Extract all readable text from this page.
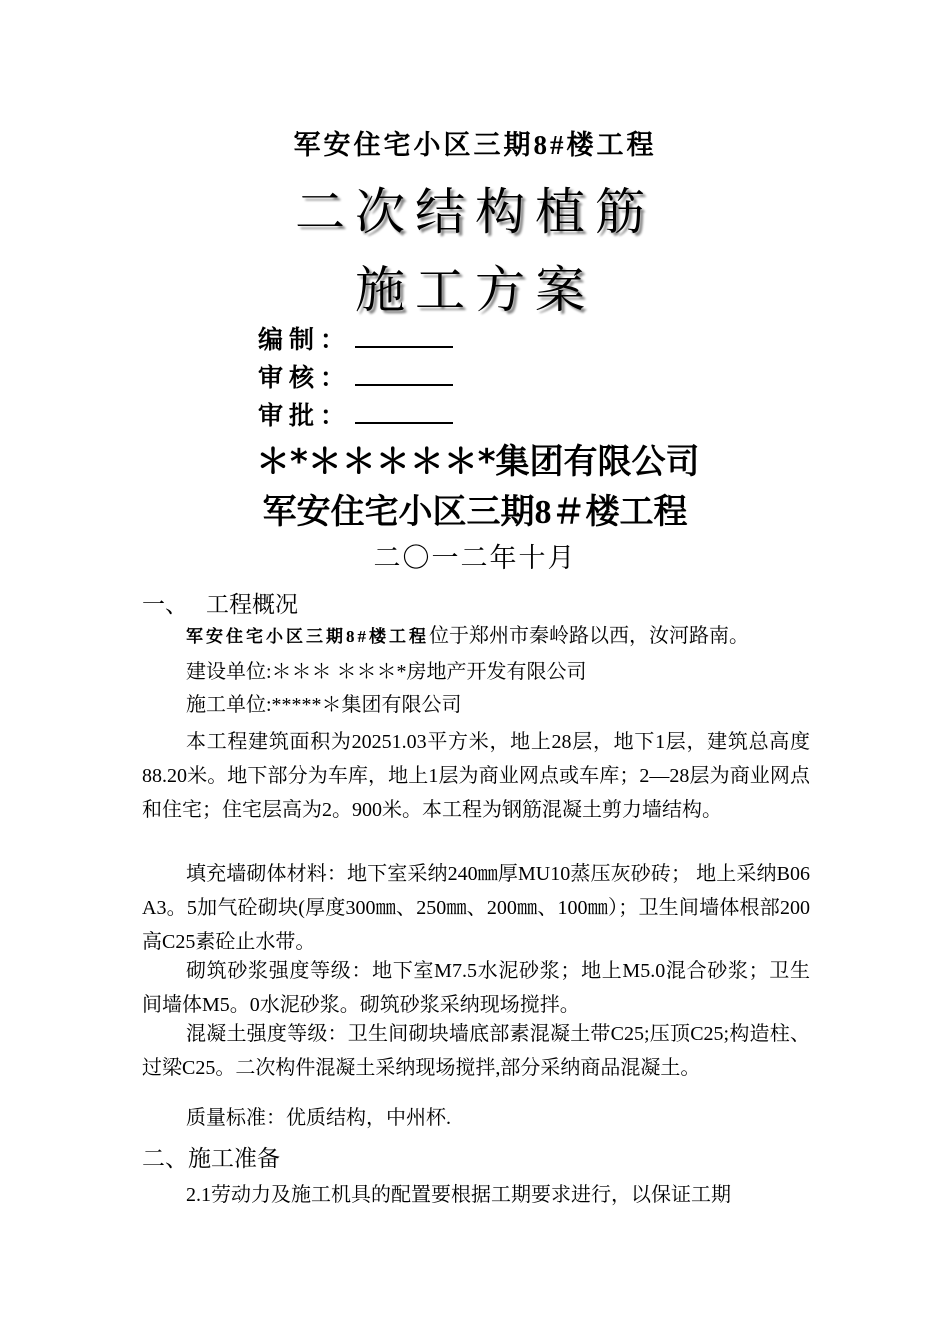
军安住宅小区三期8#楼工程
二次结构植筋
施工方案
编制：
审核：
审批：
＊*＊＊＊＊＊*集团有限公司
军安住宅小区三期8＃楼工程
二〇一二年十月
一、 工程概况
军安住宅小区三期8#楼工程位于郑州市秦岭路以西，汝河路南。
建设单位:＊＊＊ ＊＊＊*房地产开发有限公司
施工单位:*****＊集团有限公司
本工程建筑面积为20251.03平方米，地上28层，地下1层，建筑总高度88.20米。地下部分为车库，地上1层为商业网点或车库；2—28层为商业网点和住宅；住宅层高为2。900米。本工程为钢筋混凝土剪力墙结构。
填充墙砌体材料：地下室采纳240㎜厚MU10蒸压灰砂砖； 地上采纳B06 A3。5加气砼砌块(厚度300㎜、250㎜、200㎜、100㎜）；卫生间墙体根部200高C25素砼止水带。
砌筑砂浆强度等级：地下室M7.5水泥砂浆；地上M5.0混合砂浆；卫生间墙体M5。0水泥砂浆。砌筑砂浆采纳现场搅拌。
混凝土强度等级：卫生间砌块墙底部素混凝土带C25;压顶C25;构造柱、过梁C25。二次构件混凝土采纳现场搅拌,部分采纳商品混凝土。
质量标准：优质结构，中州杯.
二、施工准备
2.1劳动力及施工机具的配置要根据工期要求进行，以保证工期
